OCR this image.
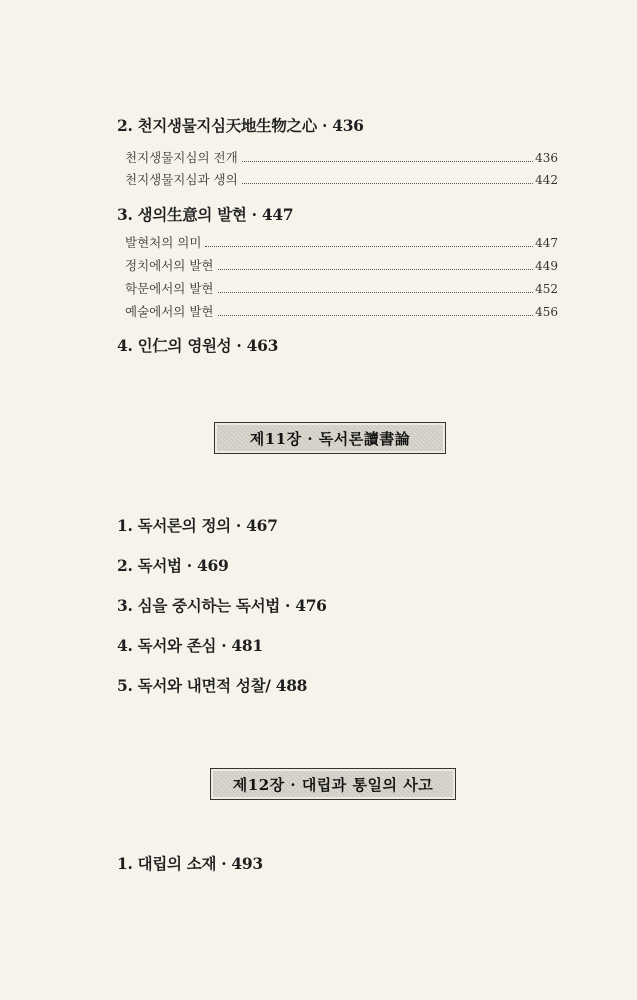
2. 천지생물지심天地生物之心 · 436
천지생물지심의 전개	436
천지생물지심과 생의	442
3. 생의生意의 발현 · 447
발현처의 의미	447
정치에서의 발현	449
학문에서의 발현	452
예술에서의 발현	456
4. 인仁의 영원성 · 463
제11장 · 독서론讀書論
1. 독서론의 정의 · 467
2. 독서법 · 469
3. 심을 중시하는 독서법 · 476
4. 독서와 존심 · 481
5. 독서와 내면적 성찰/ 488
제12장 · 대립과 통일의 사고
1. 대립의 소재 · 493
